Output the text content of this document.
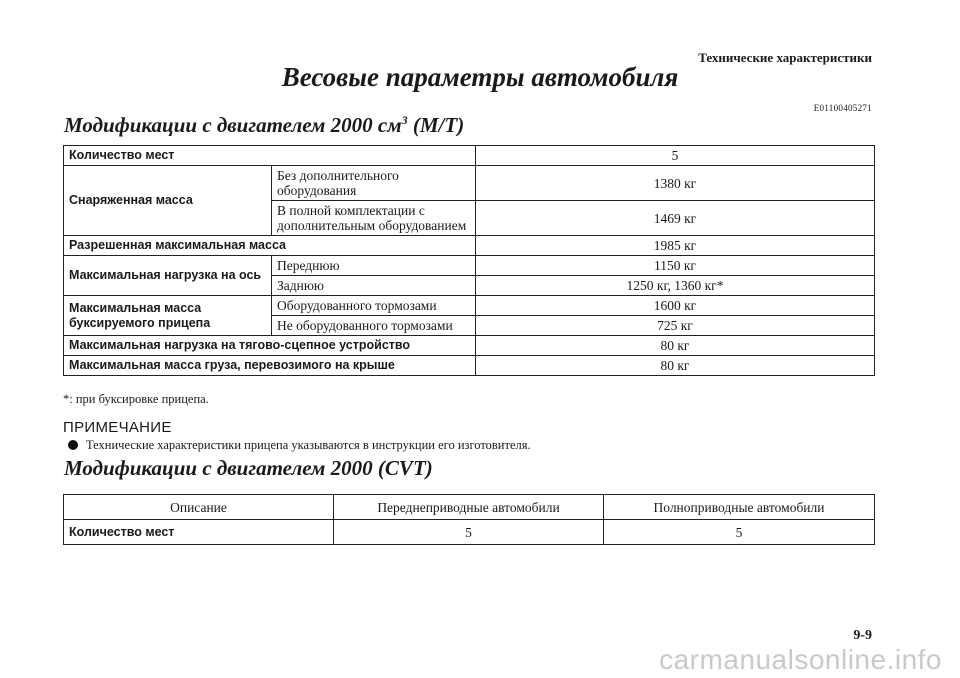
Технические характеристики
Весовые параметры автомобиля
E01100405271
Модификации с двигателем 2000 $см^3$ (M/T)
Количество мест		5
Снаряженная масса	Без дополнительного оборудования	1380 кг
	В полной комплектации с дополнительным оборудованием	1469 кг
Разрешенная максимальная масса		1985 кг
Максимальная нагрузка на ось	Переднюю	1150 кг
	Заднюю	1250 кг, 1360 кг*
Максимальная масса буксируемого прицепа	Оборудованного тормозами	1600 кг
	Не оборудованного тормозами	725 кг
Максимальная нагрузка на тягово-сцепное устройство		80 кг
Максимальная масса груза, перевозимого на крыше		80 кг
*: при буксировке прицепа.
ПРИМЕЧАНИЕ
Технические характеристики прицепа указываются в инструкции его изготовителя.
Модификации с двигателем 2000 (CVT)
Описание	Переднеприводные автомобили	Полноприводные автомобили
Количество мест	5	5
9-9
carmanualsonline.info
